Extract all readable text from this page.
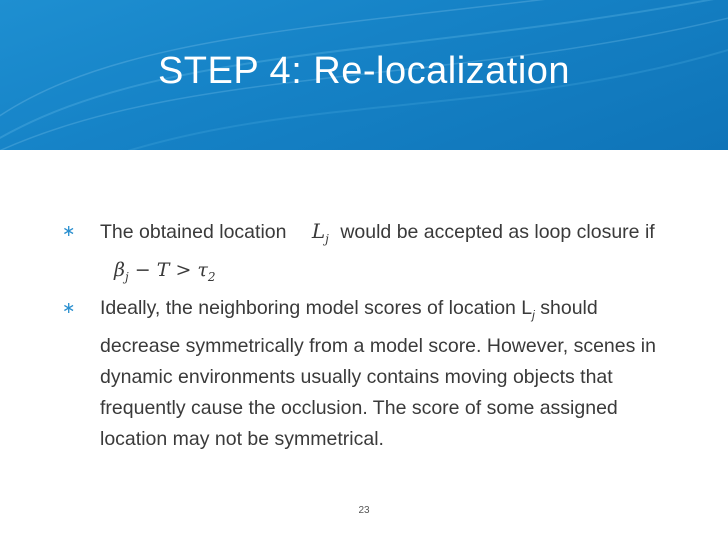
STEP 4: Re-localization
∗ The obtained location $L_j$ would be accepted as loop closure if $\beta_j - T > \tau_2$
∗ Ideally, the neighboring model scores of location $L_j$ should decrease symmetrically from a model score. However, scenes in dynamic environments usually contains moving objects that frequently cause the occlusion. The score of some assigned location may not be symmetrical.
23
